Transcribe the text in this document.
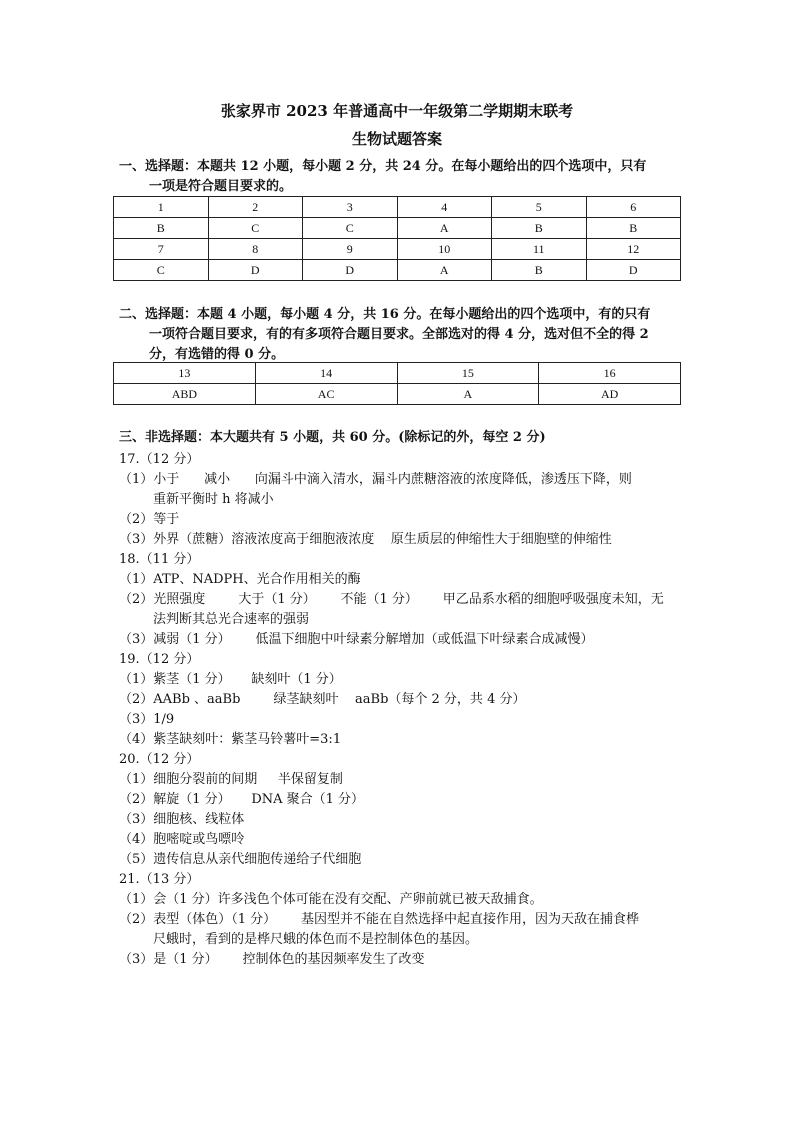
张家界市 2023 年普通高中一年级第二学期期末联考
生物试题答案
一、选择题：本题共 12 小题，每小题 2 分，共 24 分。在每小题给出的四个选项中，只有
一项是符合题目要求的。
1	2	3	4	5	6
B	C	C	A	B	B
7	8	9	10	11	12
C	D	D	A	B	D
二、选择题：本题 4 小题，每小题 4 分，共 16 分。在每小题给出的四个选项中，有的只有
一项符合题目要求，有的有多项符合题目要求。全部选对的得 4 分，选对但不全的得 2
分，有选错的得 0 分。
13	14	15	16
ABD	AC	A	AD
三、非选择题：本大题共有 5 小题，共 60 分。(除标记的外，每空 2 分)
17.（12 分）
（1）小于      减小      向漏斗中滴入清水，漏斗内蔗糖溶液的浓度降低，渗透压下降，则
重新平衡时 h 将减小
（2）等于
（3）外界（蔗糖）溶液浓度高于细胞液浓度    原生质层的伸缩性大于细胞壁的伸缩性
18.（11 分）
（1）ATP、NADPH、光合作用相关的酶
（2）光照强度        大于（1 分）      不能（1 分）      甲乙品系水稻的细胞呼吸强度未知，无
法判断其总光合速率的强弱
（3）减弱（1 分）      低温下细胞中叶绿素分解增加（或低温下叶绿素合成减慢）
19.（12 分）
（1）紫茎（1 分）     缺刻叶（1 分）
（2）AABb 、aaBb        绿茎缺刻叶    aaBb（每个 2 分，共 4 分）
（3）1/9
（4）紫茎缺刻叶：紫茎马铃薯叶=3:1
20.（12 分）
（1）细胞分裂前的间期     半保留复制
（2）解旋（1 分）     DNA 聚合（1 分）
（3）细胞核、线粒体
（4）胞嘧啶或鸟嘌呤
（5）遗传信息从亲代细胞传递给子代细胞
21.（13 分）
（1）会（1 分）许多浅色个体可能在没有交配、产卵前就已被天敌捕食。
（2）表型（体色）（1 分）      基因型并不能在自然选择中起直接作用，因为天敌在捕食桦
尺蛾时，看到的是桦尺蛾的体色而不是控制体色的基因。
（3）是（1 分）      控制体色的基因频率发生了改变
